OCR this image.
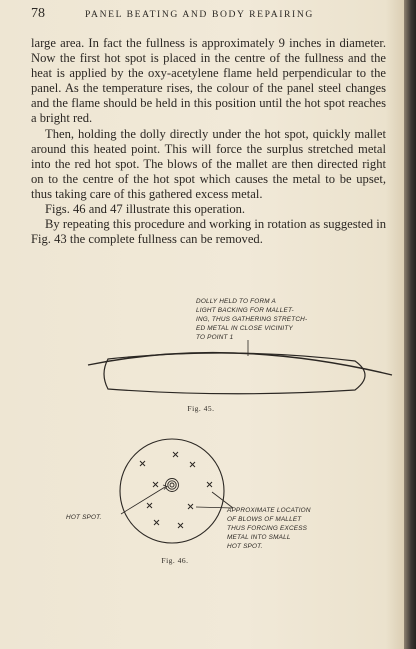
78	PANEL BEATING AND BODY REPAIRING

large area. In fact the fullness is approximately 9 inches in diameter. Now the first hot spot is placed in the centre of the fullness and the heat is applied by the oxy-acetylene flame held perpendicular to the panel. As the temperature rises, the colour of the panel steel changes and the flame should be held in this position until the hot spot reaches a bright red.

Then, holding the dolly directly under the hot spot, quickly mallet around this heated point. This will force the surplus stretched metal into the red hot spot. The blows of the mallet are then directed right on to the centre of the hot spot which causes the metal to be upset, thus taking care of this gathered excess metal.

Figs. 46 and 47 illustrate this operation.

By repeating this procedure and working in rotation as suggested in Fig. 43 the complete fullness can be removed.

DOLLY HELD TO FORM A
LIGHT BACKING FOR MALLET-
ING, THUS GATHERING STRETCH-
ED METAL IN CLOSE VICINITY
TO POINT 1
Fig. 45.
HOT SPOT.
APPROXIMATE LOCATION
OF BLOWS OF MALLET
THUS FORCING EXCESS
METAL INTO SMALL
HOT SPOT.
Fig. 46.
